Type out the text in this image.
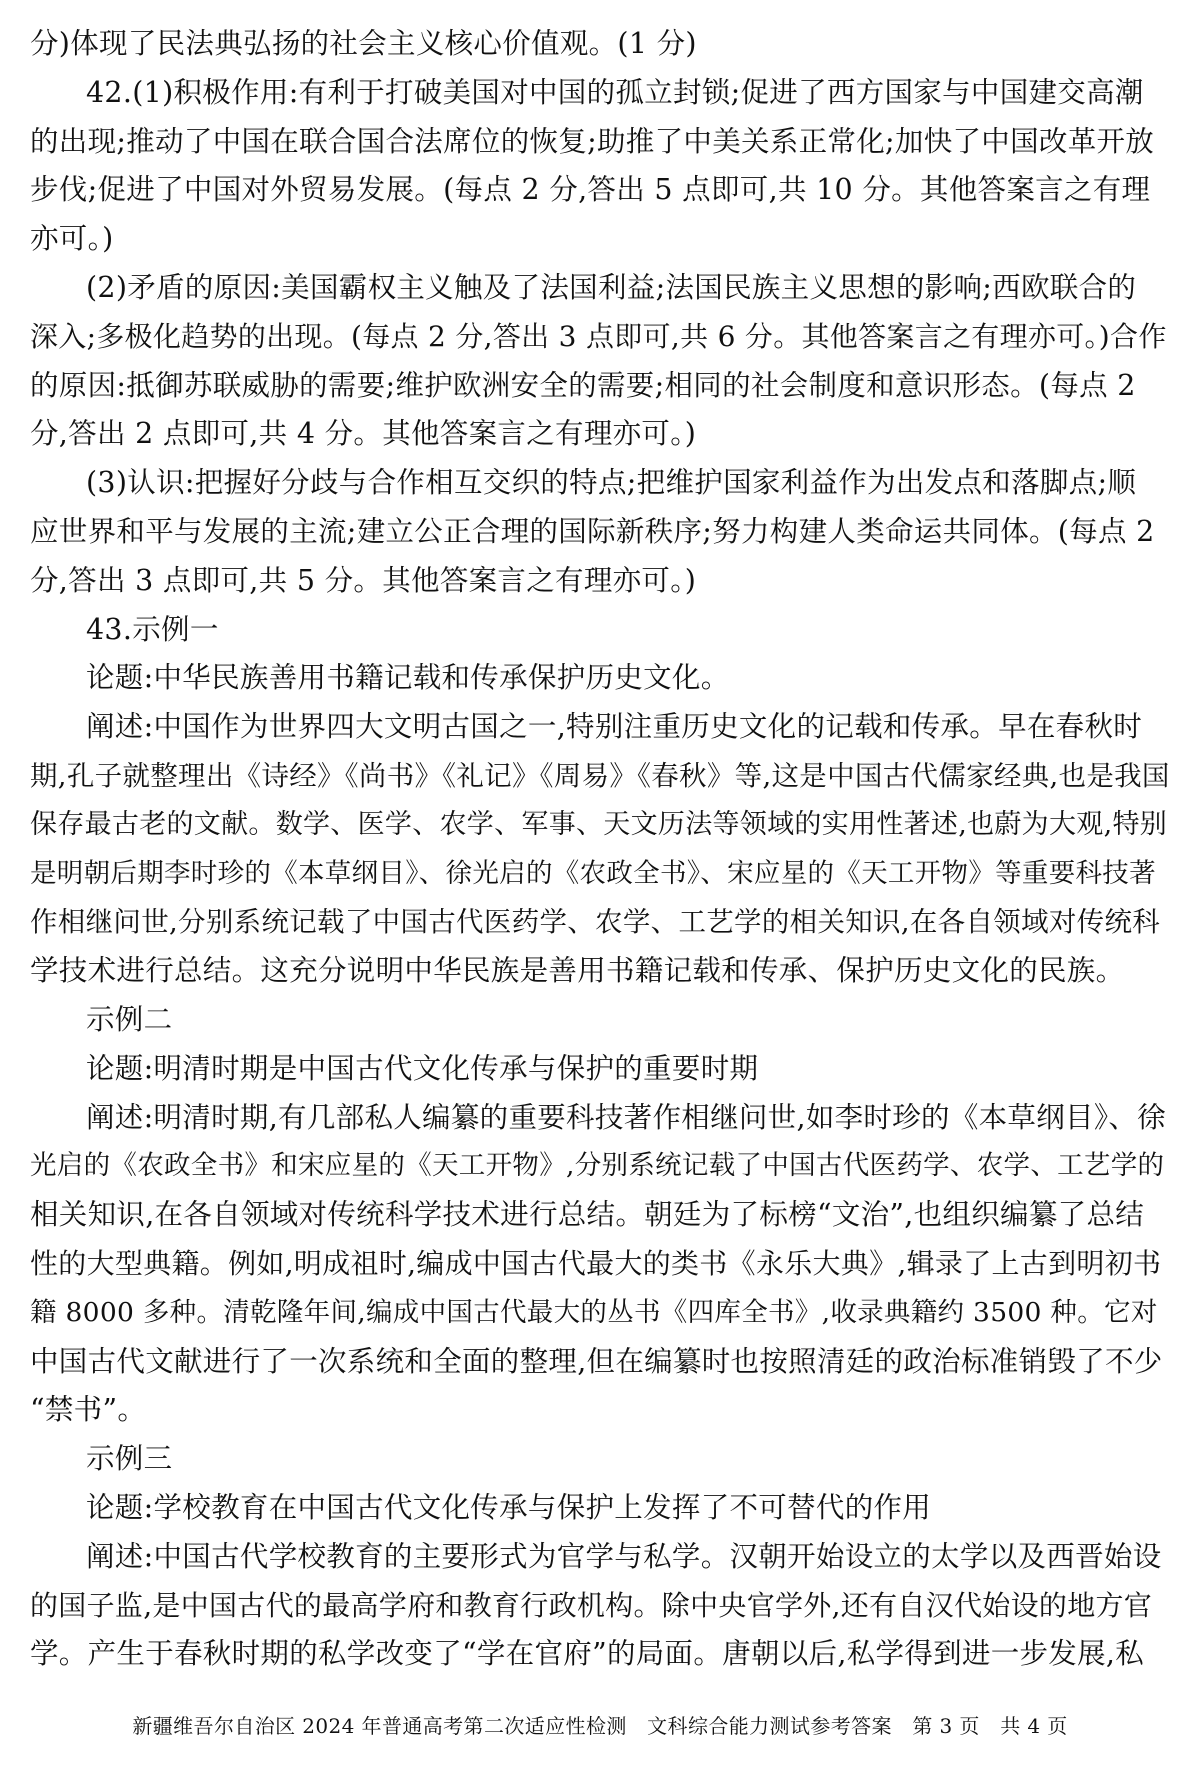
分)体现了民法典弘扬的社会主义核心价值观。(1 分)
42.(1)积极作用:有利于打破美国对中国的孤立封锁;促进了西方国家与中国建交高潮
的出现;推动了中国在联合国合法席位的恢复;助推了中美关系正常化;加快了中国改革开放
步伐;促进了中国对外贸易发展。(每点 2 分,答出 5 点即可,共 10 分。其他答案言之有理
亦可。)
(2)矛盾的原因:美国霸权主义触及了法国利益;法国民族主义思想的影响;西欧联合的
深入;多极化趋势的出现。(每点 2 分,答出 3 点即可,共 6 分。其他答案言之有理亦可。)合作
的原因:抵御苏联威胁的需要;维护欧洲安全的需要;相同的社会制度和意识形态。(每点 2
分,答出 2 点即可,共 4 分。其他答案言之有理亦可。)
(3)认识:把握好分歧与合作相互交织的特点;把维护国家利益作为出发点和落脚点;顺
应世界和平与发展的主流;建立公正合理的国际新秩序;努力构建人类命运共同体。(每点 2
分,答出 3 点即可,共 5 分。其他答案言之有理亦可。)
43.示例一
论题:中华民族善用书籍记载和传承保护历史文化。
阐述:中国作为世界四大文明古国之一,特别注重历史文化的记载和传承。早在春秋时
期,孔子就整理出《诗经》《尚书》《礼记》《周易》《春秋》等,这是中国古代儒家经典,也是我国
保存最古老的文献。数学、医学、农学、军事、天文历法等领域的实用性著述,也蔚为大观,特别
是明朝后期李时珍的《本草纲目》、徐光启的《农政全书》、宋应星的《天工开物》等重要科技著
作相继问世,分别系统记载了中国古代医药学、农学、工艺学的相关知识,在各自领域对传统科
学技术进行总结。这充分说明中华民族是善用书籍记载和传承、保护历史文化的民族。
示例二
论题:明清时期是中国古代文化传承与保护的重要时期
阐述:明清时期,有几部私人编纂的重要科技著作相继问世,如李时珍的《本草纲目》、徐
光启的《农政全书》和宋应星的《天工开物》,分别系统记载了中国古代医药学、农学、工艺学的
相关知识,在各自领域对传统科学技术进行总结。朝廷为了标榜“文治”,也组织编纂了总结
性的大型典籍。例如,明成祖时,编成中国古代最大的类书《永乐大典》,辑录了上古到明初书
籍 8000 多种。清乾隆年间,编成中国古代最大的丛书《四库全书》,收录典籍约 3500 种。它对
中国古代文献进行了一次系统和全面的整理,但在编纂时也按照清廷的政治标准销毁了不少
“禁书”。
示例三
论题:学校教育在中国古代文化传承与保护上发挥了不可替代的作用
阐述:中国古代学校教育的主要形式为官学与私学。汉朝开始设立的太学以及西晋始设
的国子监,是中国古代的最高学府和教育行政机构。除中央官学外,还有自汉代始设的地方官
学。产生于春秋时期的私学改变了“学在官府”的局面。唐朝以后,私学得到进一步发展,私
新疆维吾尔自治区 2024 年普通高考第二次适应性检测　文科综合能力测试参考答案　第 3 页　共 4 页
